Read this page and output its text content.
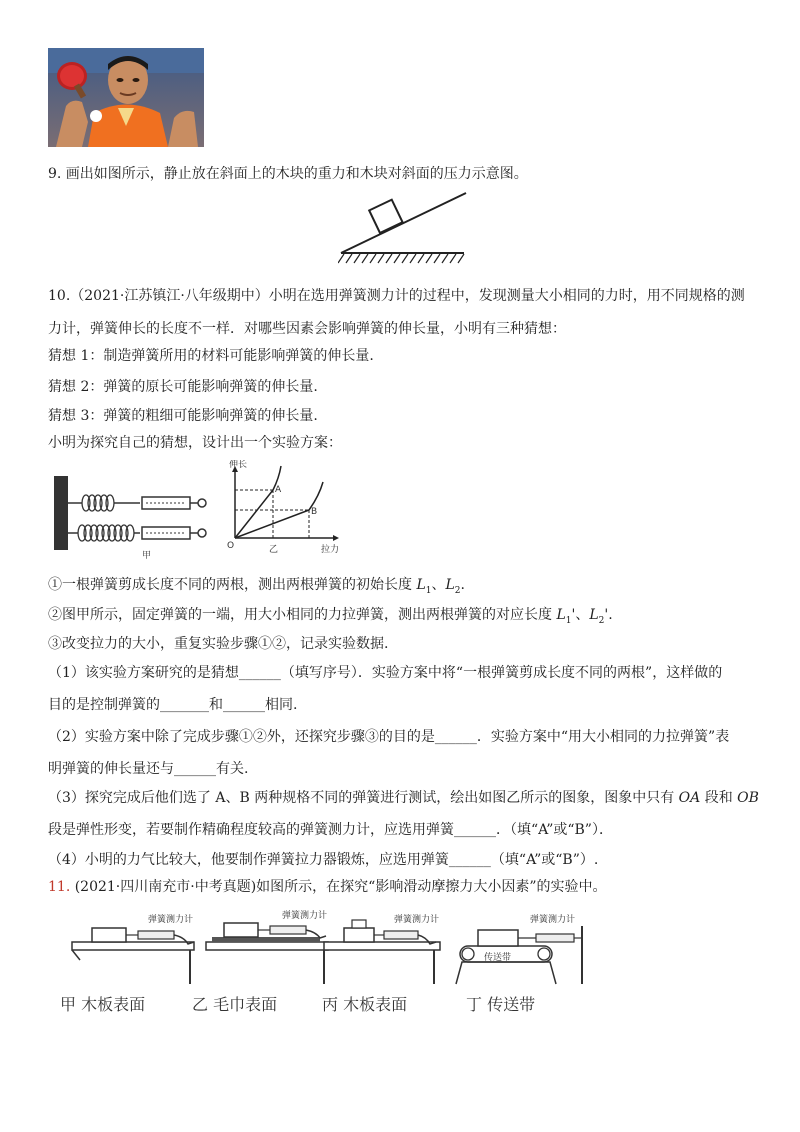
9. 画出如图所示，静止放在斜面上的木块的重力和木块对斜面的压力示意图。
10.（2021·江苏镇江·八年级期中）小明在选用弹簧测力计的过程中，发现测量大小相同的力时，用不同规格的测
力计，弹簧伸长的长度不一样．对哪些因素会影响弹簧的伸长量，小明有三种猜想：
猜想 1：制造弹簧所用的材料可能影响弹簧的伸长量.
猜想 2：弹簧的原长可能影响弹簧的伸长量.
猜想 3：弹簧的粗细可能影响弹簧的伸长量.
小明为探究自己的猜想，设计出一个实验方案：
甲
伸长
拉力
O
A
B
乙
①一根弹簧剪成长度不同的两根，测出两根弹簧的初始长度 $L_1$、$L_2$.
②图甲所示，固定弹簧的一端，用大小相同的力拉弹簧，测出两根弹簧的对应长度 $L_1'$、$L_2'$.
③改变拉力的大小，重复实验步骤①②，记录实验数据.
（1）该实验方案研究的是猜想______（填写序号）．实验方案中将“一根弹簧剪成长度不同的两根”，这样做的
目的是控制弹簧的_______和______相同.
（2）实验方案中除了完成步骤①②外，还探究步骤③的目的是______．实验方案中“用大小相同的力拉弹簧”表
明弹簧的伸长量还与______有关.
（3）探究完成后他们选了 A、B 两种规格不同的弹簧进行测试，绘出如图乙所示的图象，图象中只有 OA 段和 OB
段是弹性形变，若要制作精确程度较高的弹簧测力计，应选用弹簧______．（填“A”或“B”）．
（4）小明的力气比较大，他要制作弹簧拉力器锻炼，应选用弹簧______（填“A”或“B”）.
11. (2021·四川南充市·中考真题)如图所示，在探究“影响滑动摩擦力大小因素”的实验中。
弹簧测力计	弹簧测力计	弹簧测力计
传送带
弹簧测力计
甲 木板表面	乙 毛巾表面	丙 木板表面	丁 传送带
